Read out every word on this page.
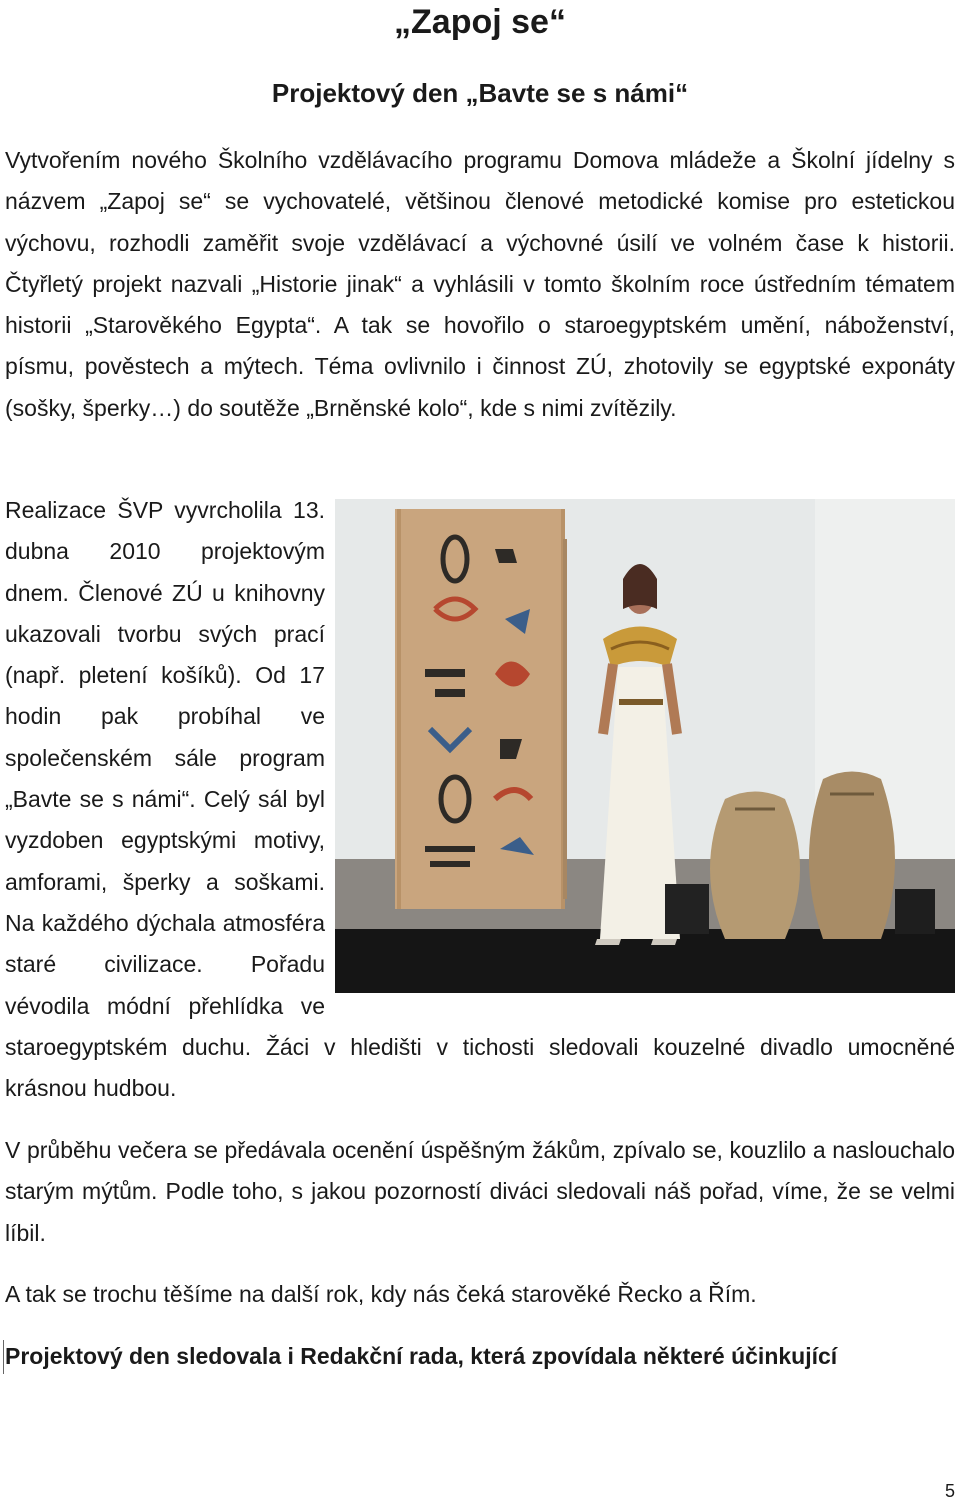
„Zapoj se“
Projektový den „Bavte se s námi“
Vytvořením nového Školního vzdělávacího programu Domova mládeže a Školní jídelny s názvem „Zapoj se“ se vychovatelé, většinou členové metodické komise pro estetickou výchovu, rozhodli zaměřit svoje vzdělávací a výchovné úsilí ve volném čase k historii. Čtyřletý projekt nazvali „Historie jinak“ a vyhlásili v tomto školním roce ústředním tématem historii „Starověkého Egypta“. A tak se hovořilo o staroegyptském umění, náboženství, písmu, pověstech a mýtech. Téma ovlivnilo i činnost ZÚ, zhotovily se egyptské exponáty (sošky, šperky…) do soutěže „Brněnské kolo“, kde s nimi zvítězily.
Realizace ŠVP vyvrcholila 13. dubna 2010 projektovým dnem. Členové ZÚ u knihovny ukazovali tvorbu svých prací (např. pletení košíků). Od 17 hodin pak probíhal ve společenském sále program „Bavte se s námi“. Celý sál byl vyzdoben egyptskými motivy, amforami, šperky a soškami. Na každého dýchala atmosféra staré civilizace. Pořadu vévodila módní přehlídka ve staroegyptském duchu. Žáci v hledišti v tichosti sledovali kouzelné divadlo umocněné krásnou hudbou.
V průběhu večera se předávala ocenění úspěšným žákům, zpívalo se, kouzlilo a naslouchalo starým mýtům. Podle toho, s jakou pozorností diváci sledovali náš pořad, víme, že se velmi líbil.
A tak se trochu těšíme na další rok, kdy nás čeká starověké Řecko a Řím.
Projektový den sledovala i Redakční rada, která zpovídala některé účinkující
5
